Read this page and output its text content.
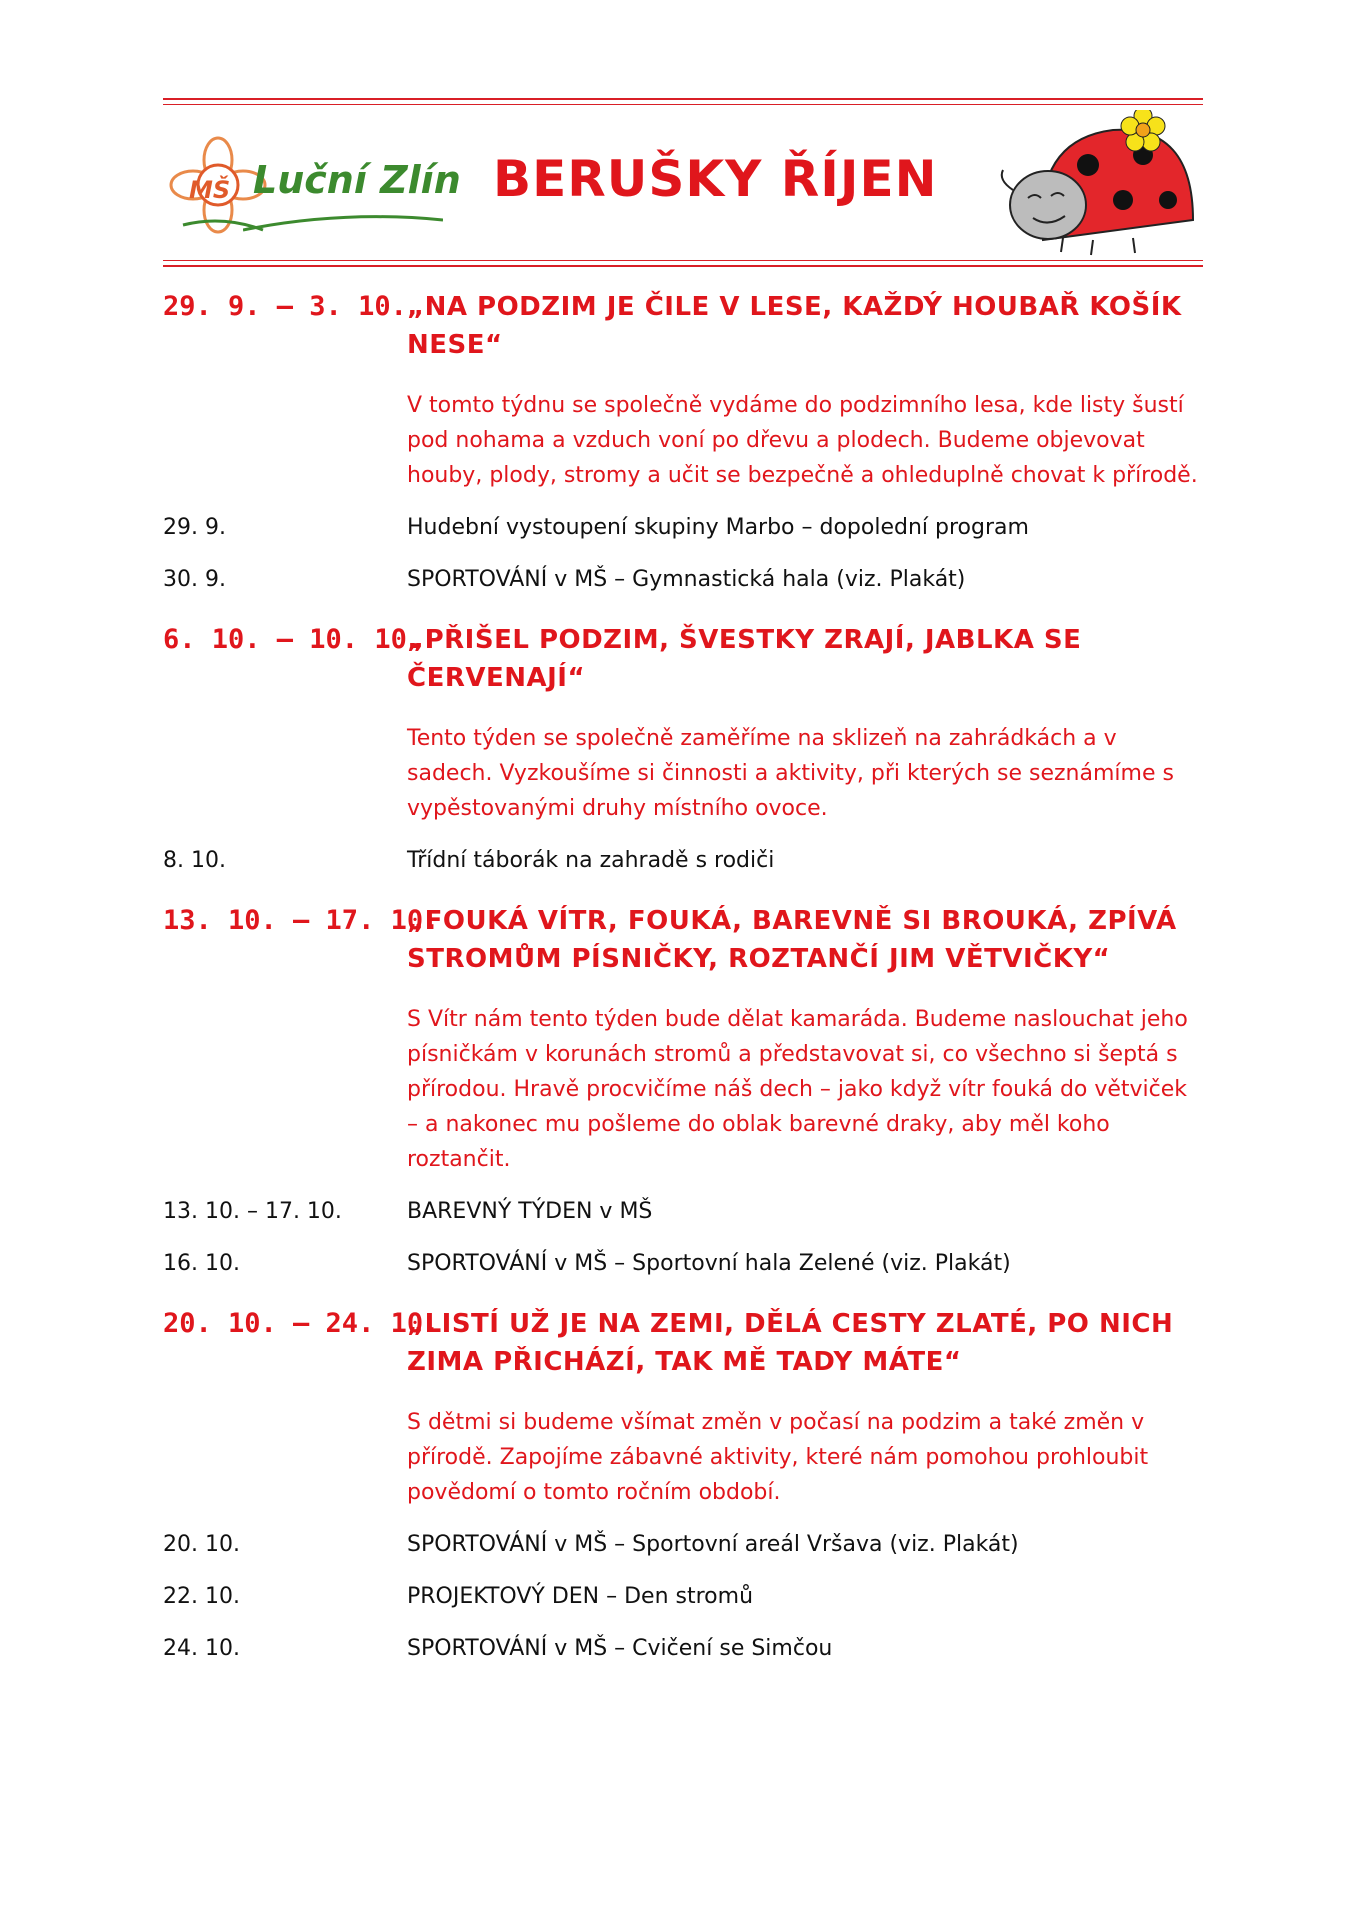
MŠ Luční Zlín BERUŠKY ŘÍJEN
29. 9. – 3. 10. „NA PODZIM JE ČILE V LESE, KAŽDÝ HOUBAŘ KOŠÍK NESE“
V tomto týdnu se společně vydáme do podzimního lesa, kde listy šustí pod nohama a vzduch voní po dřevu a plodech. Budeme objevovat houby, plody, stromy a učit se bezpečně a ohleduplně chovat k přírodě.
29. 9.	Hudební vystoupení skupiny Marbo – dopolední program
30. 9.	SPORTOVÁNÍ v MŠ – Gymnastická hala (viz. Plakát)
6. 10. – 10. 10.
„PŘIŠEL PODZIM, ŠVESTKY ZRAJÍ, JABLKA SE ČERVENAJÍ“
Tento týden se společně zaměříme na sklizeň na zahrádkách a v sadech. Vyzkoušíme si činnosti a aktivity, při kterých se seznámíme s vypěstovanými druhy místního ovoce.
8. 10.	Třídní táborák na zahradě s rodiči
13. 10. – 17. 10.
„FOUKÁ VÍTR, FOUKÁ, BAREVNĚ SI BROUKÁ, ZPÍVÁ STROMŮM PÍSNIČKY, ROZTANČÍ JIM VĚTVIČKY“
S Vítr nám tento týden bude dělat kamaráda. Budeme naslouchat jeho písničkám v korunách stromů a představovat si, co všechno si šeptá s přírodou. Hravě procvičíme náš dech – jako když vítr fouká do větviček – a nakonec mu pošleme do oblak barevné draky, aby měl koho roztančit.
13. 10. – 17. 10.	BAREVNÝ TÝDEN v MŠ
16. 10.	SPORTOVÁNÍ v MŠ – Sportovní hala Zelené (viz. Plakát)
20. 10. – 24. 10.
„LISTÍ UŽ JE NA ZEMI, DĚLÁ CESTY ZLATÉ, PO NICH ZIMA PŘICHÁZÍ, TAK MĚ TADY MÁTE“
S dětmi si budeme všímat změn v počasí na podzim a také změn v přírodě. Zapojíme zábavné aktivity, které nám pomohou prohloubit povědomí o tomto ročním období.
20. 10.	SPORTOVÁNÍ v MŠ – Sportovní areál Vršava (viz. Plakát)
22. 10.	PROJEKTOVÝ DEN – Den stromů
24. 10.	SPORTOVÁNÍ v MŠ – Cvičení se Simčou
